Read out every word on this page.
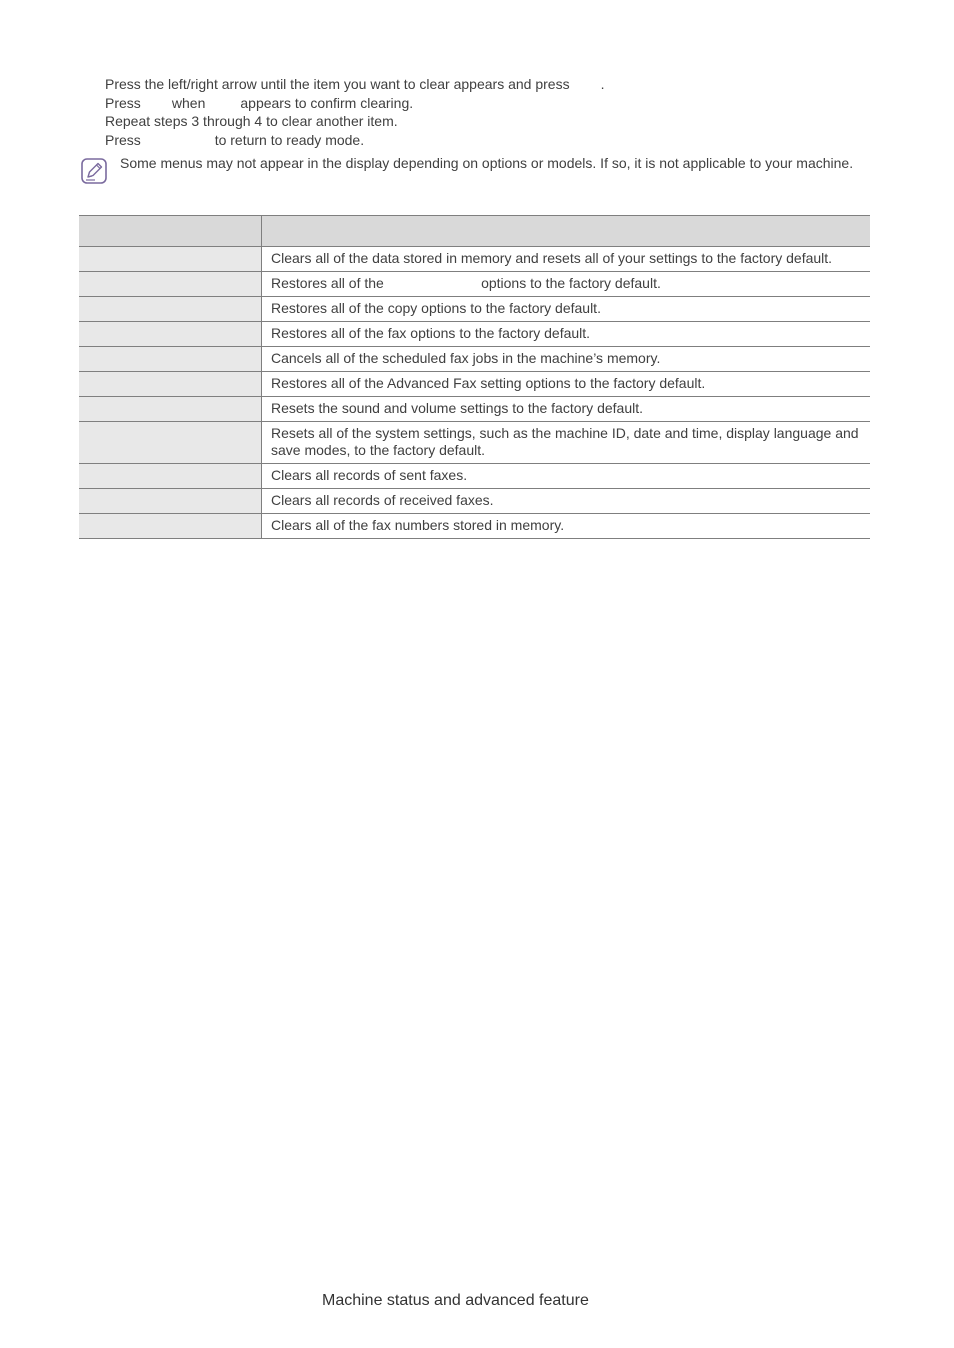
Press the left/right arrow until the item you want to clear appears and press        .
Press        when         appears to confirm clearing.
Repeat steps 3 through 4 to clear another item.
Press                   to return to ready mode.
Some menus may not appear in the display depending on options or models. If so, it is not applicable to your machine.

	Clears all of the data stored in memory and resets all of your settings to the factory default.
	Restores all of the                         options to the factory default.
	Restores all of the copy options to the factory default.
	Restores all of the fax options to the factory default.
	Cancels all of the scheduled fax jobs in the machine’s memory.
	Restores all of the Advanced Fax setting options to the factory default.
	Resets the sound and volume settings to the factory default.
	Resets all of the system settings, such as the machine ID, date and time, display language and save modes, to the factory default.
	Clears all records of sent faxes.
	Clears all records of received faxes.
	Clears all of the fax numbers stored in memory.
Machine status and advanced feature
